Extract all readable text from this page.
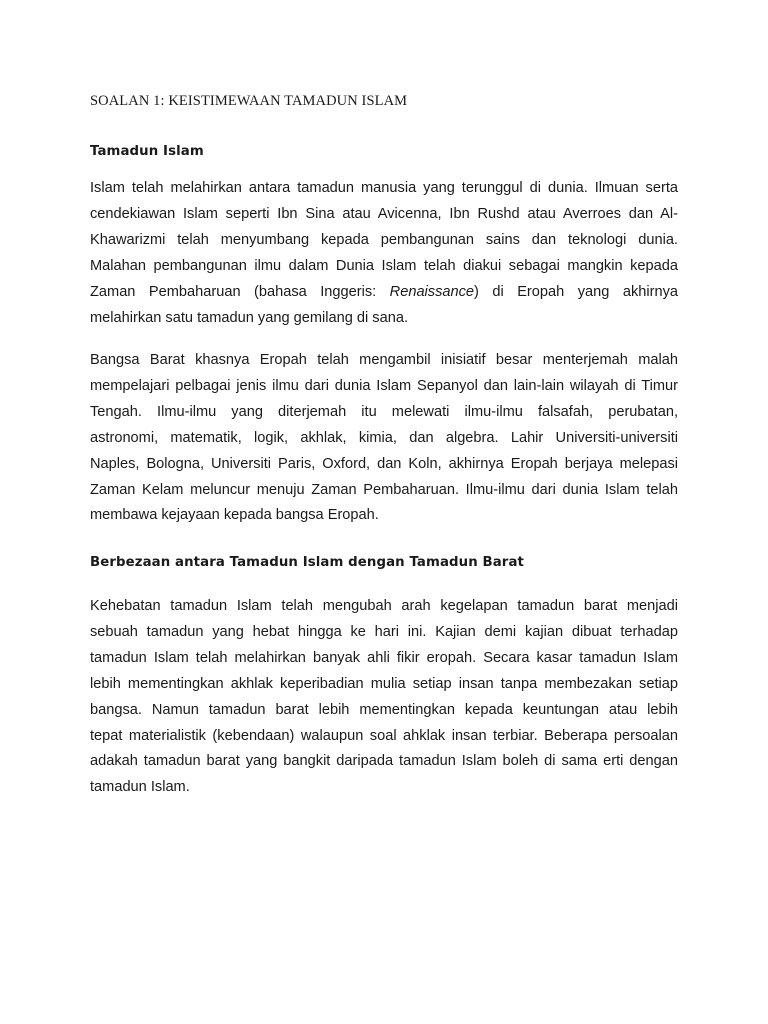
SOALAN 1: KEISTIMEWAAN TAMADUN ISLAM
Tamadun Islam
Islam telah melahirkan antara tamadun manusia yang terunggul di dunia. Ilmuan serta
cendekiawan Islam seperti Ibn Sina atau Avicenna, Ibn Rushd atau Averroes dan Al-
Khawarizmi telah menyumbang kepada pembangunan sains dan teknologi dunia.
Malahan pembangunan ilmu dalam Dunia Islam telah diakui sebagai mangkin kepada
Zaman Pembaharuan (bahasa Inggeris: Renaissance) di Eropah yang akhirnya
melahirkan satu tamadun yang gemilang di sana.
Bangsa Barat khasnya Eropah telah mengambil inisiatif besar menterjemah malah
mempelajari pelbagai jenis ilmu dari dunia Islam Sepanyol dan lain-lain wilayah di Timur
Tengah. Ilmu-ilmu yang diterjemah itu melewati ilmu-ilmu falsafah, perubatan,
astronomi, matematik, logik, akhlak, kimia, dan algebra. Lahir Universiti-universiti
Naples, Bologna, Universiti Paris, Oxford, dan Koln, akhirnya Eropah berjaya melepasi
Zaman Kelam meluncur menuju Zaman Pembaharuan. Ilmu-ilmu dari dunia Islam telah
membawa kejayaan kepada bangsa Eropah.
Berbezaan antara Tamadun Islam dengan Tamadun Barat
Kehebatan tamadun Islam telah mengubah arah kegelapan tamadun barat menjadi
sebuah tamadun yang hebat hingga ke hari ini. Kajian demi kajian dibuat terhadap
tamadun Islam telah melahirkan banyak ahli fikir eropah. Secara kasar tamadun Islam
lebih mementingkan akhlak keperibadian mulia setiap insan tanpa membezakan setiap
bangsa. Namun tamadun barat lebih mementingkan kepada keuntungan atau lebih
tepat materialistik (kebendaan) walaupun soal ahklak insan terbiar. Beberapa persoalan
adakah tamadun barat yang bangkit daripada tamadun Islam boleh di sama erti dengan
tamadun Islam.
